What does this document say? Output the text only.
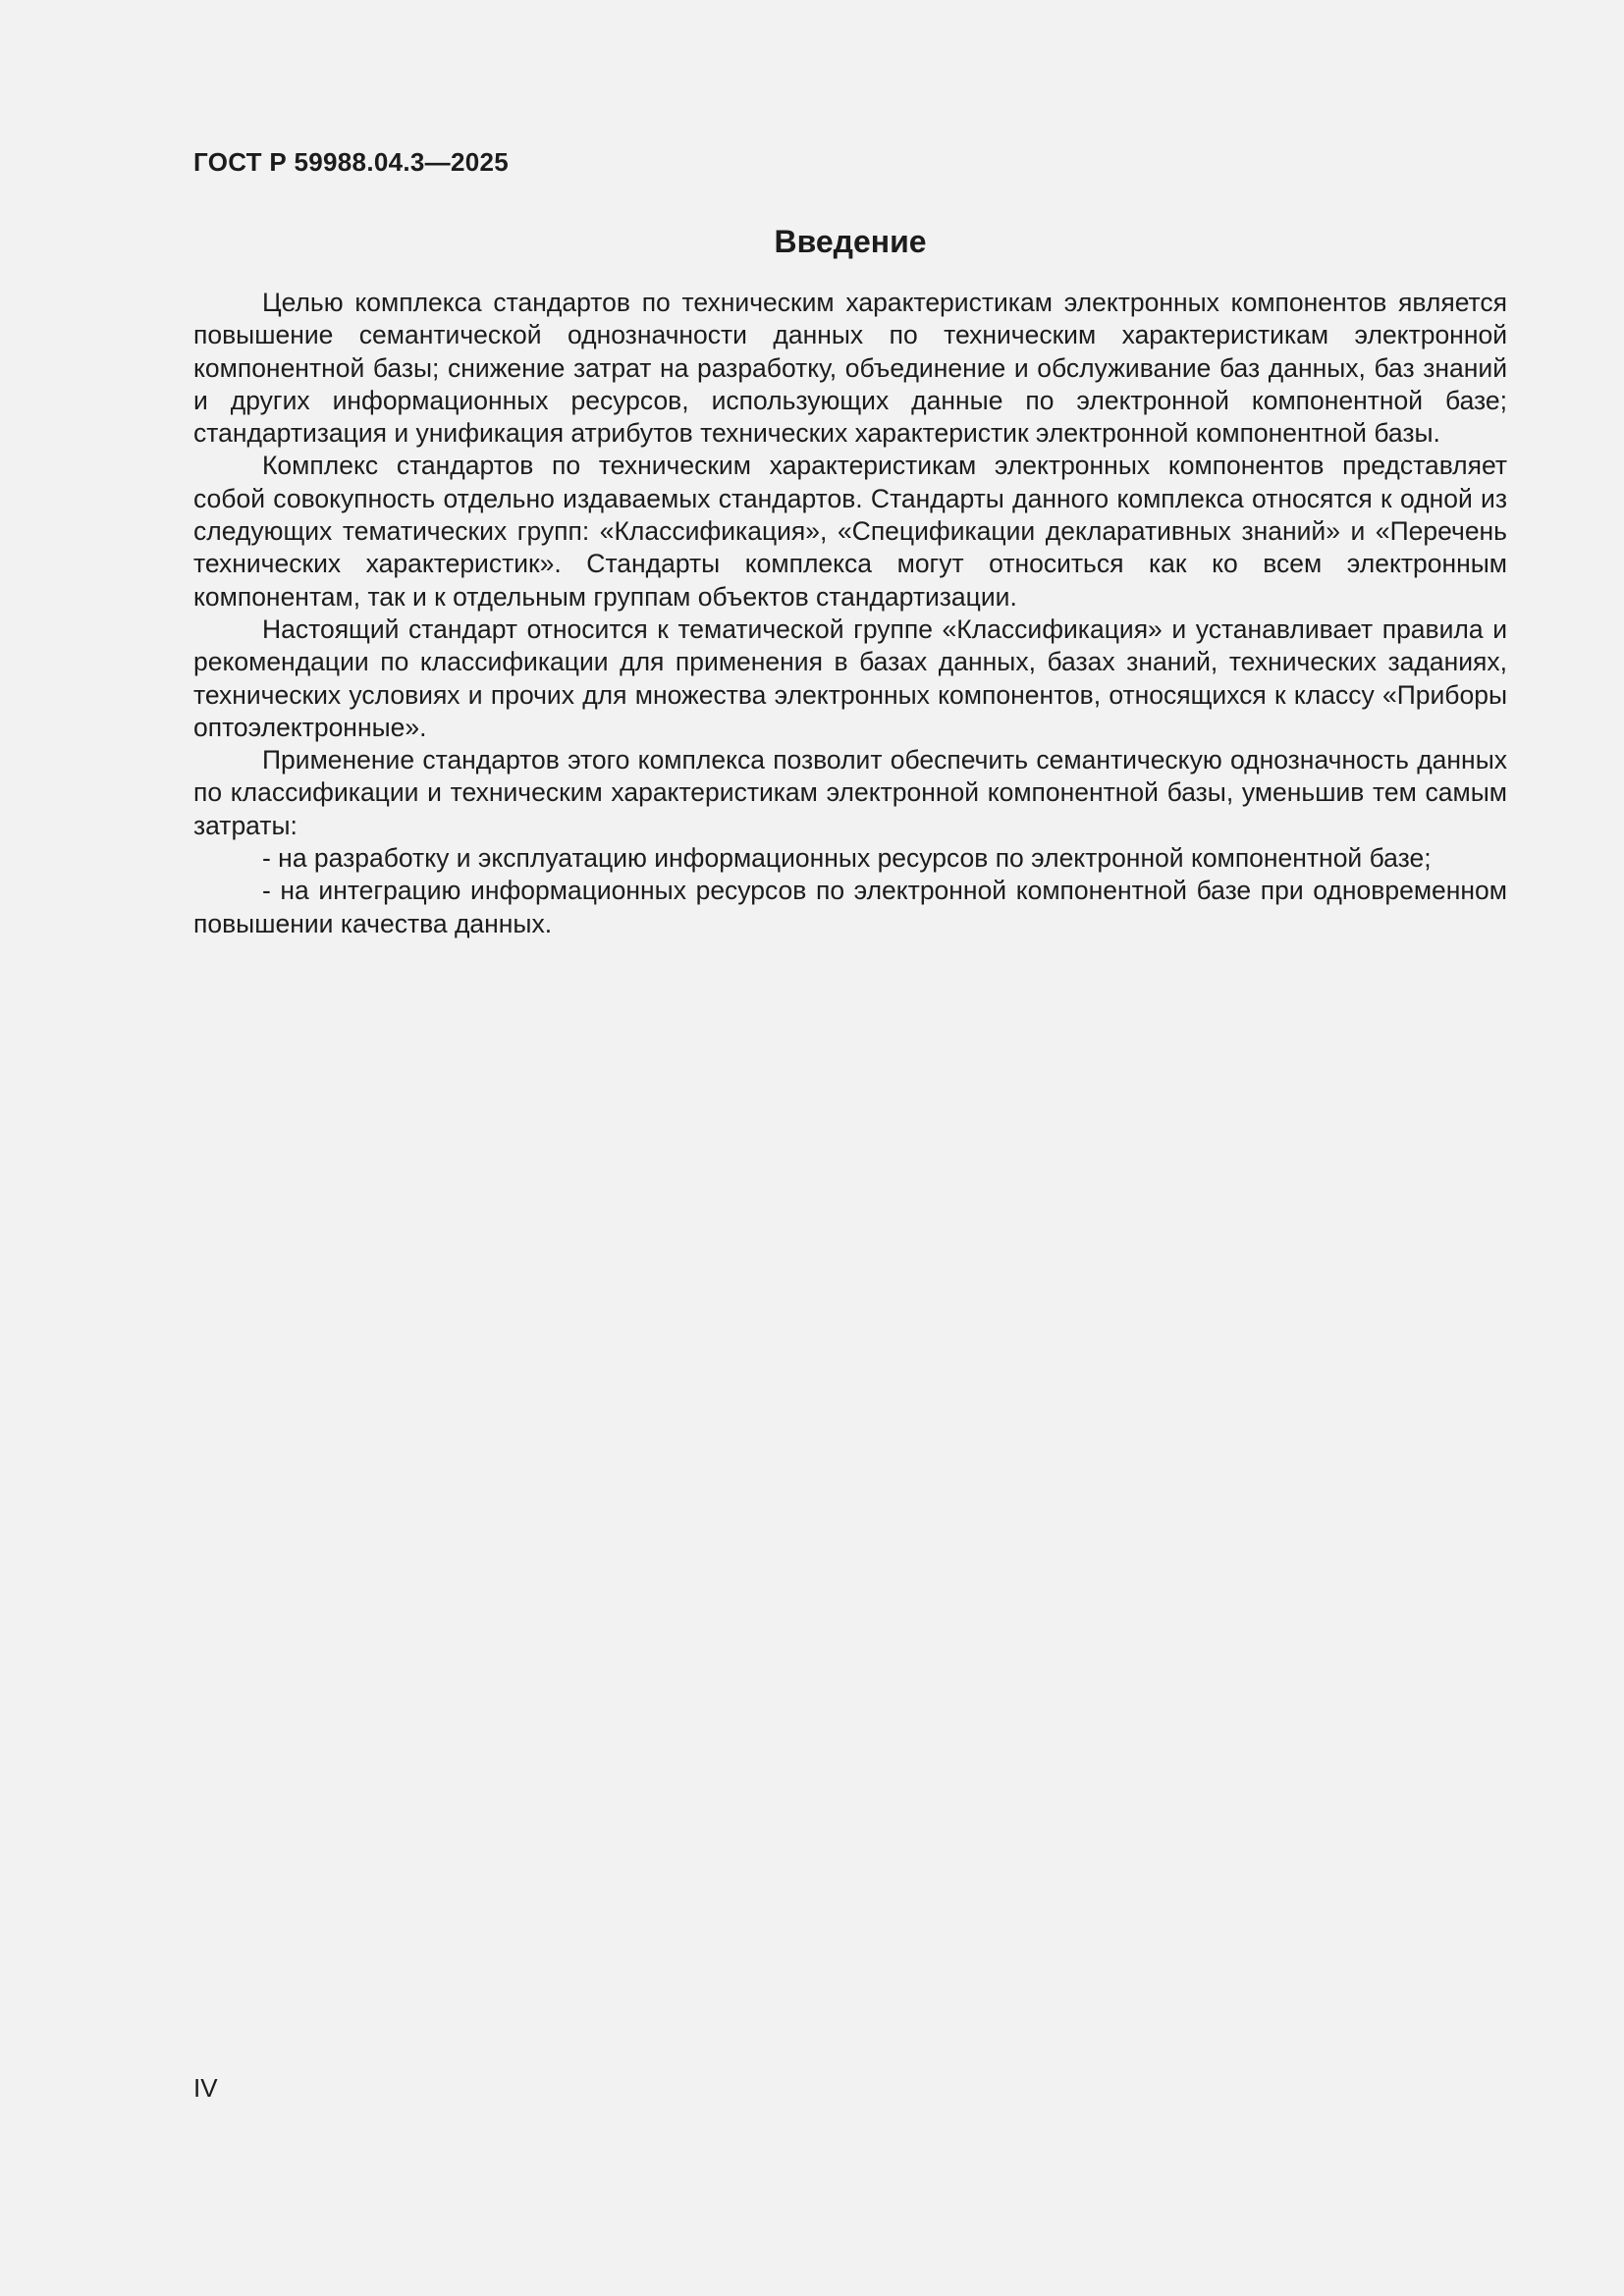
ГОСТ Р 59988.04.3—2025
Введение

Целью комплекса стандартов по техническим характеристикам электронных компонентов является повышение семантической однозначности данных по техническим характеристикам электронной компонентной базы; снижение затрат на разработку, объединение и обслуживание баз данных, баз знаний и других информационных ресурсов, использующих данные по электронной компонентной базе; стандартизация и унификация атрибутов технических характеристик электронной компонентной базы.

Комплекс стандартов по техническим характеристикам электронных компонентов представляет собой совокупность отдельно издаваемых стандартов. Стандарты данного комплекса относятся к одной из следующих тематических групп: «Классификация», «Спецификации декларативных знаний» и «Перечень технических характеристик». Стандарты комплекса могут относиться как ко всем электронным компонентам, так и к отдельным группам объектов стандартизации.

Настоящий стандарт относится к тематической группе «Классификация» и устанавливает правила и рекомендации по классификации для применения в базах данных, базах знаний, технических заданиях, технических условиях и прочих для множества электронных компонентов, относящихся к классу «Приборы оптоэлектронные».

Применение стандартов этого комплекса позволит обеспечить семантическую однозначность данных по классификации и техническим характеристикам электронной компонентной базы, уменьшив тем самым затраты:

- на разработку и эксплуатацию информационных ресурсов по электронной компонентной базе;

- на интеграцию информационных ресурсов по электронной компонентной базе при одновременном повышении качества данных.

IV
